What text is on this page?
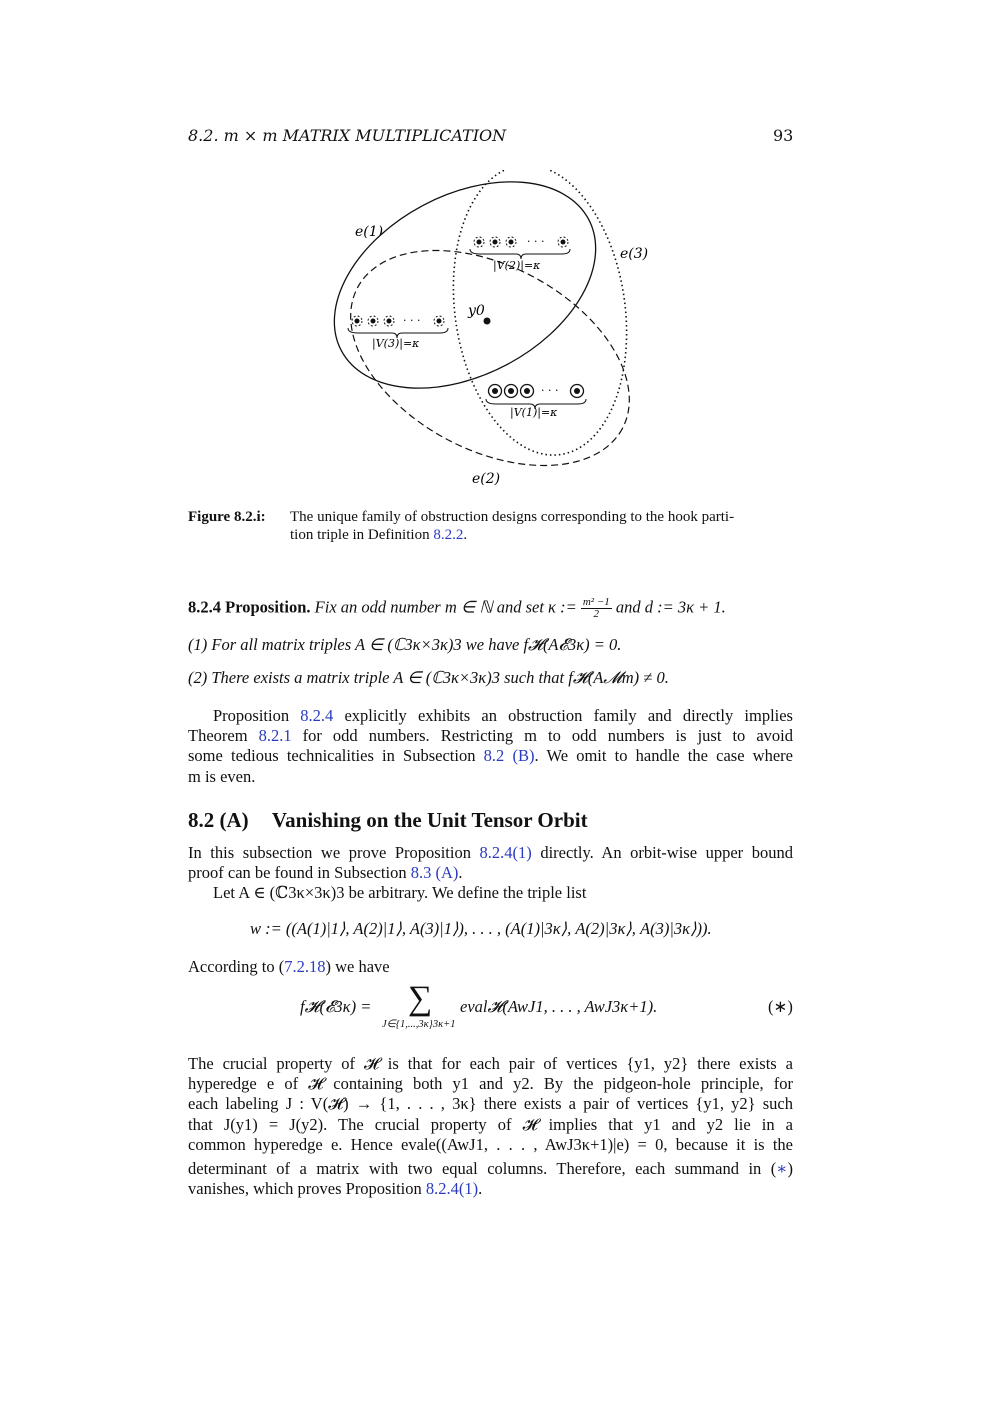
8.2. m × m MATRIX MULTIPLICATION	93
· · ·
· · ·
· · ·
e(1)
e(2)
e(3)
y0
|V(2)|=κ
|V(3)|=κ
|V(1)|=κ
Figure 8.2.i: The unique family of obstruction designs corresponding to the hook parti-
tion triple in Definition 8.2.2.
8.2.4 Proposition. Fix an odd number m ∈ ℕ and set κ := $\frac{\text{m² −1}}{2}$ and d := 3κ + 1.
(1) For all matrix triples A ∈ (ℂ3κ×3κ)3 we have f𝓗(A𝓔3κ) = 0.
(2) There exists a matrix triple A ∈ (ℂ3κ×3κ)3 such that f𝓗(A𝓜m) ≠ 0.
Proposition 8.2.4 explicitly exhibits an obstruction family and directly implies
Theorem 8.2.1 for odd numbers. Restricting m to odd numbers is just to avoid
some tedious technicalities in Subsection 8.2 (B). We omit to handle the case where
m is even.
8.2 (A) Vanishing on the Unit Tensor Orbit
In this subsection we prove Proposition 8.2.4(1) directly. An orbit-wise upper bound
proof can be found in Subsection 8.3 (A).
Let A ∈ (ℂ3κ×3κ)3 be arbitrary. We define the triple list
w := ((A(1)|1⟩, A(2)|1⟩, A(3)|1⟩), . . . , (A(1)|3κ⟩, A(2)|3κ⟩, A(3)|3κ⟩)).
According to (7.2.18) we have
f𝓗(𝓔3κ) = ∑
J∈{1,...,3κ}3κ+1
eval𝓗(AwJ1, . . . , AwJ3κ+1).	(∗)
The crucial property of 𝓗 is that for each pair of vertices {y1, y2} there exists a
hyperedge e of 𝓗 containing both y1 and y2. By the pidgeon-hole principle, for
each labeling J : V(𝓗) → {1, . . . , 3κ} there exists a pair of vertices {y1, y2} such
that J(y1) = J(y2). The crucial property of 𝓗 implies that y1 and y2 lie in a
common hyperedge e. Hence evale((AwJ1, . . . , AwJ3κ+1)|e) = 0, because it is the
determinant of a matrix with two equal columns. Therefore, each summand in (∗)
vanishes, which proves Proposition 8.2.4(1).
